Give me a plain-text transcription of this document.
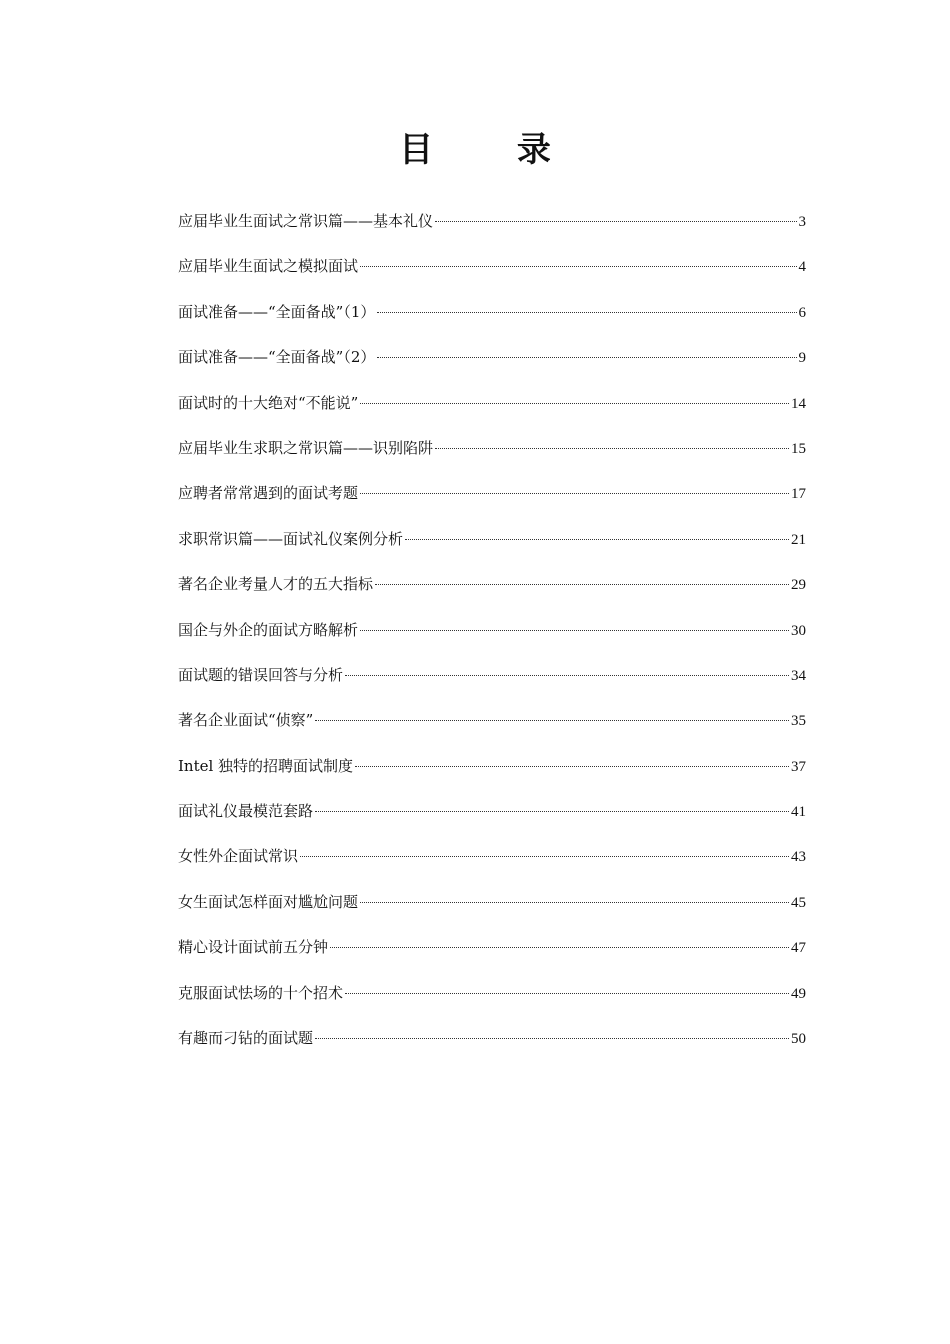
目 录
应届毕业生面试之常识篇——基本礼仪	3
应届毕业生面试之模拟面试	4
面试准备——“全面备战”（1）	6
面试准备——“全面备战”（2）	9
面试时的十大绝对“不能说”	14
应届毕业生求职之常识篇——识别陷阱	15
应聘者常常遇到的面试考题	17
求职常识篇——面试礼仪案例分析	21
著名企业考量人才的五大指标	29
国企与外企的面试方略解析	30
面试题的错误回答与分析	34
著名企业面试“侦察”	35
Intel 独特的招聘面试制度	37
面试礼仪最模范套路	41
女性外企面试常识	43
女生面试怎样面对尴尬问题	45
精心设计面试前五分钟	47
克服面试怯场的十个招术	49
有趣而刁钻的面试题	50
